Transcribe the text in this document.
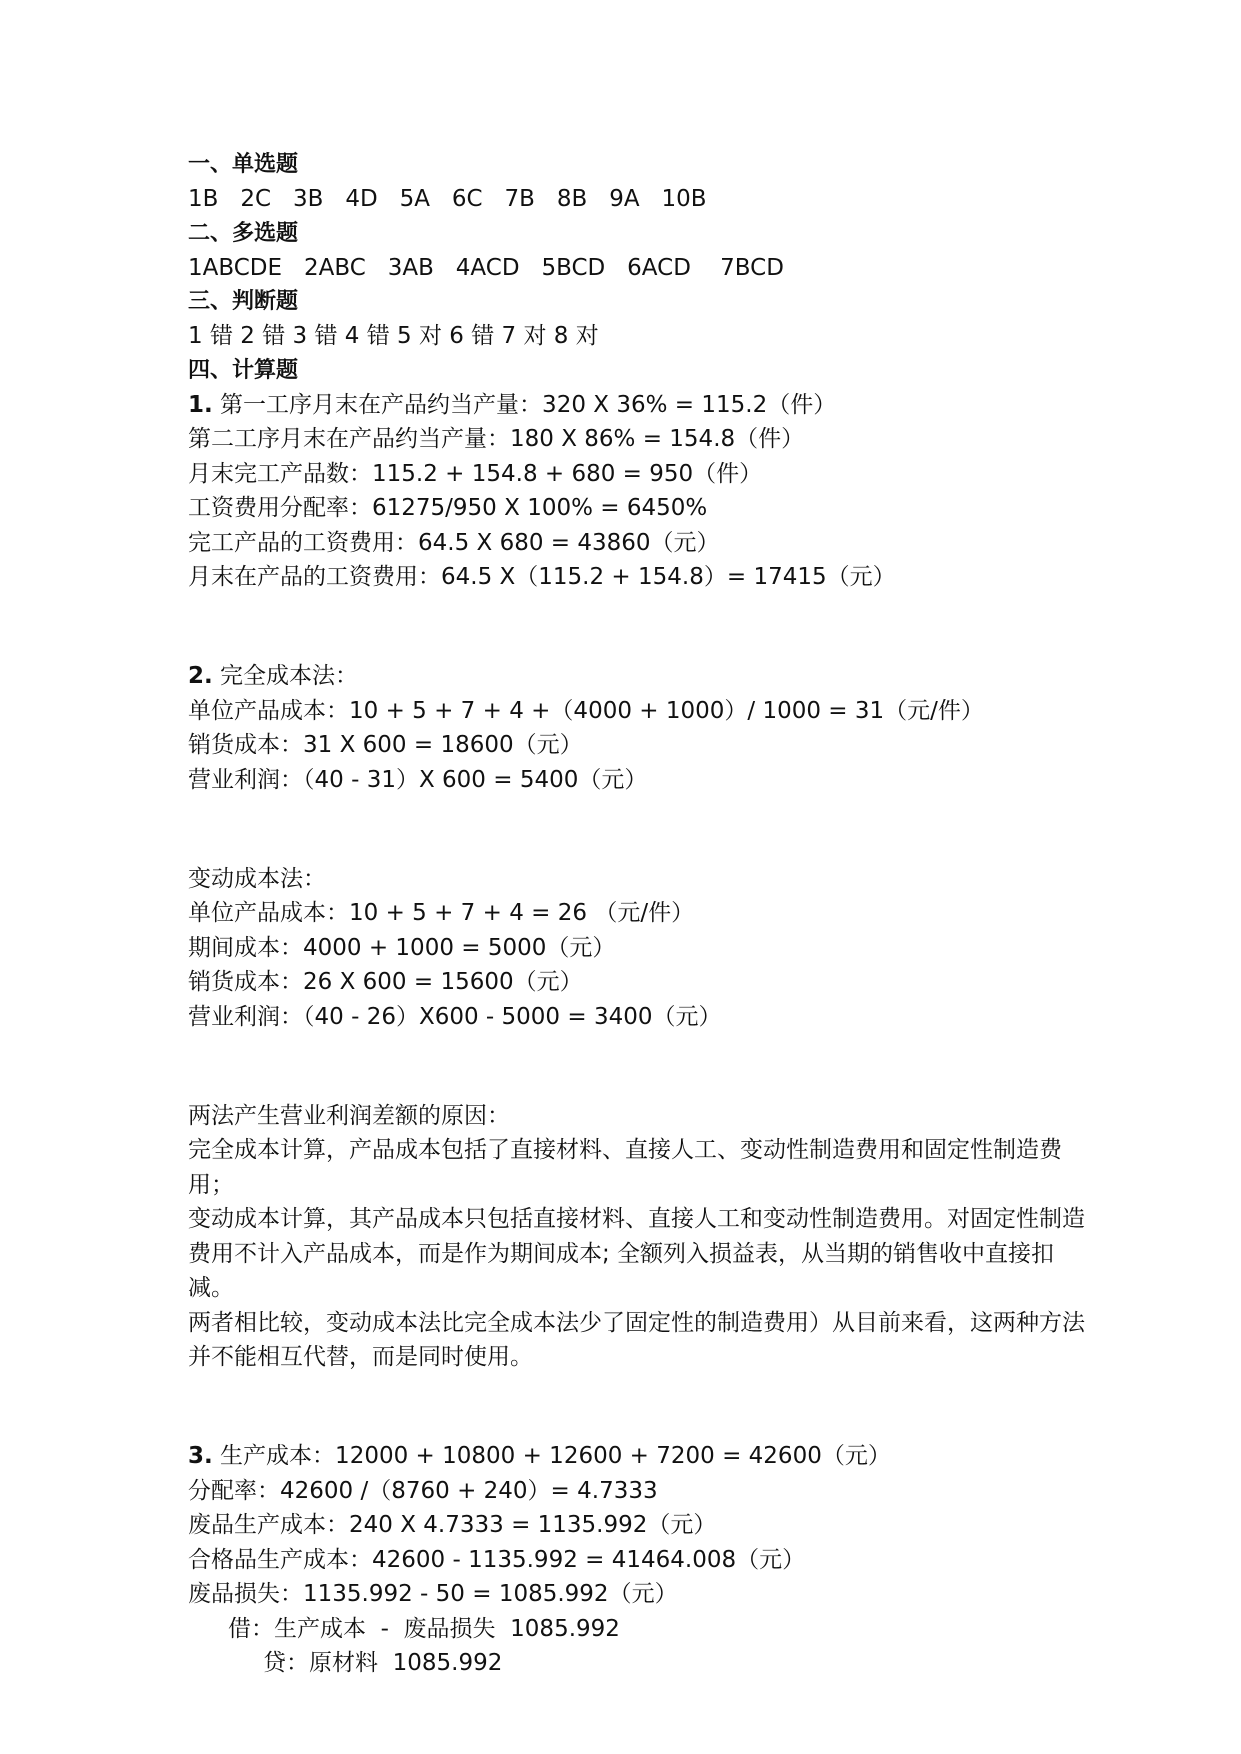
一、单选题
1B   2C   3B   4D   5A   6C   7B   8B   9A   10B
二、多选题
1ABCDE   2ABC   3AB   4ACD   5BCD   6ACD    7BCD
三、判断题
1 错 2 错 3 错 4 错 5 对 6 错 7 对 8 对
四、计算题
1. 第一工序月末在产品约当产量：320 X 36% = 115.2（件）
第二工序月末在产品约当产量：180 X 86% = 154.8（件）
月末完工产品数：115.2 + 154.8 + 680 = 950（件）
工资费用分配率：61275/950 X 100% = 6450%
完工产品的工资费用：64.5 X 680 = 43860（元）
月末在产品的工资费用：64.5 X（115.2 + 154.8）= 17415（元）
2. 完全成本法：
单位产品成本：10 + 5 + 7 + 4 +（4000 + 1000）/ 1000 = 31（元/件）
销货成本：31 X 600 = 18600（元）
营业利润：（40 - 31）X 600 = 5400（元）
变动成本法：
单位产品成本：10 + 5 + 7 + 4 = 26 （元/件）
期间成本：4000 + 1000 = 5000（元）
销货成本：26 X 600 = 15600（元）
营业利润：（40 - 26）X600 - 5000 = 3400（元）
两法产生营业利润差额的原因：
完全成本计算，产品成本包括了直接材料、直接人工、变动性制造费用和固定性制造费用；
变动成本计算，其产品成本只包括直接材料、直接人工和变动性制造费用。对固定性制造费用不计入产品成本，而是作为期间成本; 全额列入损益表，从当期的销售收中直接扣减。
两者相比较，变动成本法比完全成本法少了固定性的制造费用）从目前来看，这两种方法并不能相互代替，而是同时使用。
3. 生产成本：12000 + 10800 + 12600 + 7200 = 42600（元）
分配率：42600 /（8760 + 240）= 4.7333
废品生产成本：240 X 4.7333 = 1135.992（元）
合格品生产成本：42600 - 1135.992 = 41464.008（元）
废品损失：1135.992 - 50 = 1085.992（元）
借：生产成本  -  废品损失  1085.992
贷：原材料  1085.992
